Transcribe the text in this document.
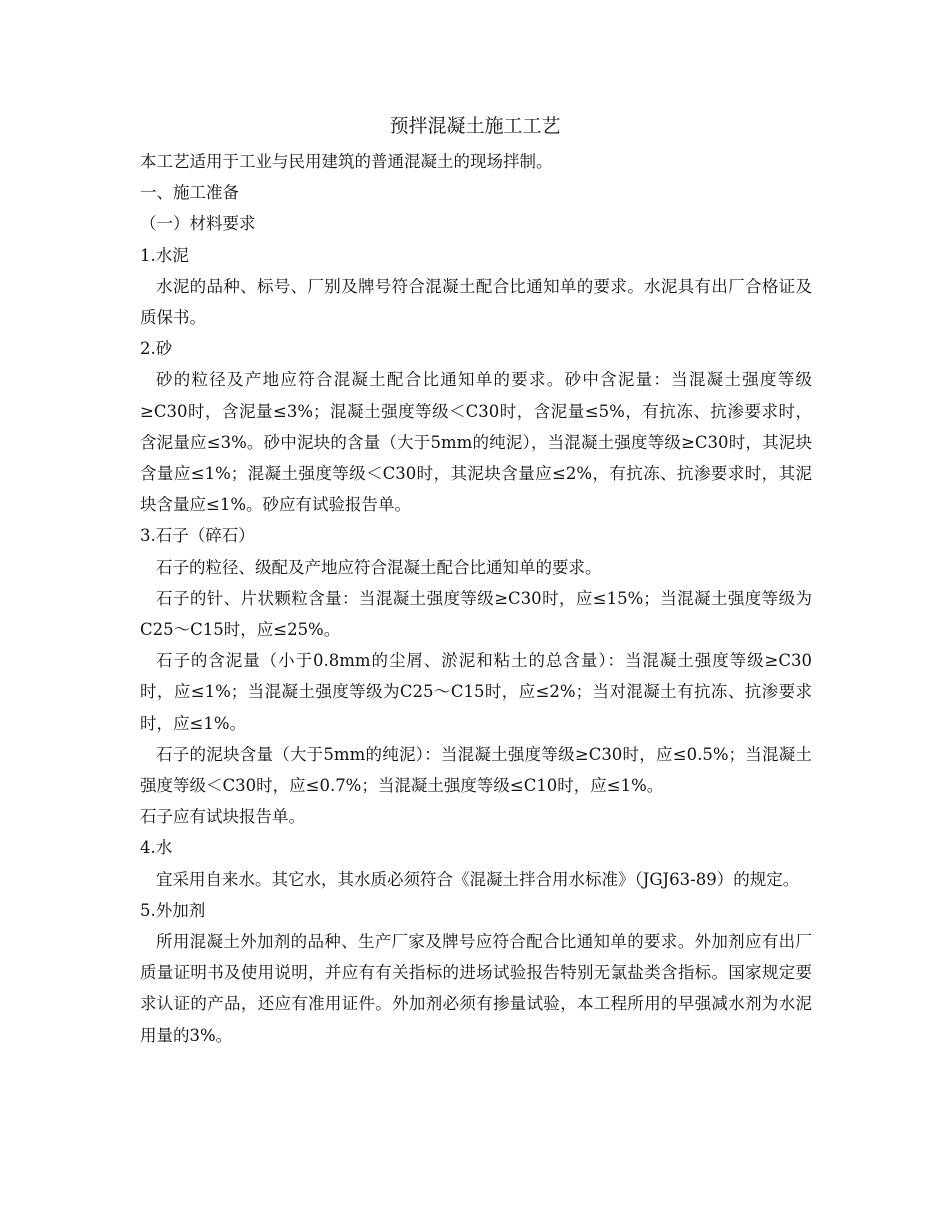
预拌混凝土施工工艺

本工艺适用于工业与民用建筑的普通混凝土的现场拌制。

一、施工准备

（一）材料要求

1.水泥

水泥的品种、标号、厂别及牌号符合混凝土配合比通知单的要求。水泥具有出厂合格证及质保书。

2.砂

砂的粒径及产地应符合混凝土配合比通知单的要求。砂中含泥量：当混凝土强度等级≥C30时，含泥量≤3%；混凝土强度等级＜C30时，含泥量≤5%，有抗冻、抗渗要求时，含泥量应≤3%。砂中泥块的含量（大于5mm的纯泥），当混凝土强度等级≥C30时，其泥块含量应≤1%；混凝土强度等级＜C30时，其泥块含量应≤2%，有抗冻、抗渗要求时，其泥块含量应≤1%。砂应有试验报告单。

3.石子（碎石）

石子的粒径、级配及产地应符合混凝土配合比通知单的要求。

石子的针、片状颗粒含量：当混凝土强度等级≥C30时，应≤15%；当混凝土强度等级为C25～C15时，应≤25%。

石子的含泥量（小于0.8mm的尘屑、淤泥和粘土的总含量）：当混凝土强度等级≥C30时，应≤1%；当混凝土强度等级为C25～C15时，应≤2%；当对混凝土有抗冻、抗渗要求时，应≤1%。

石子的泥块含量（大于5mm的纯泥）：当混凝土强度等级≥C30时，应≤0.5%；当混凝土强度等级＜C30时，应≤0.7%；当混凝土强度等级≤C10时，应≤1%。

石子应有试块报告单。

4.水

宜采用自来水。其它水，其水质必须符合《混凝土拌合用水标准》（JGJ63-89）的规定。

5.外加剂

所用混凝土外加剂的品种、生产厂家及牌号应符合配合比通知单的要求。外加剂应有出厂质量证明书及使用说明，并应有有关指标的进场试验报告特别无氯盐类含指标。国家规定要求认证的产品，还应有准用证件。外加剂必须有掺量试验，本工程所用的早强减水剂为水泥用量的3%。
